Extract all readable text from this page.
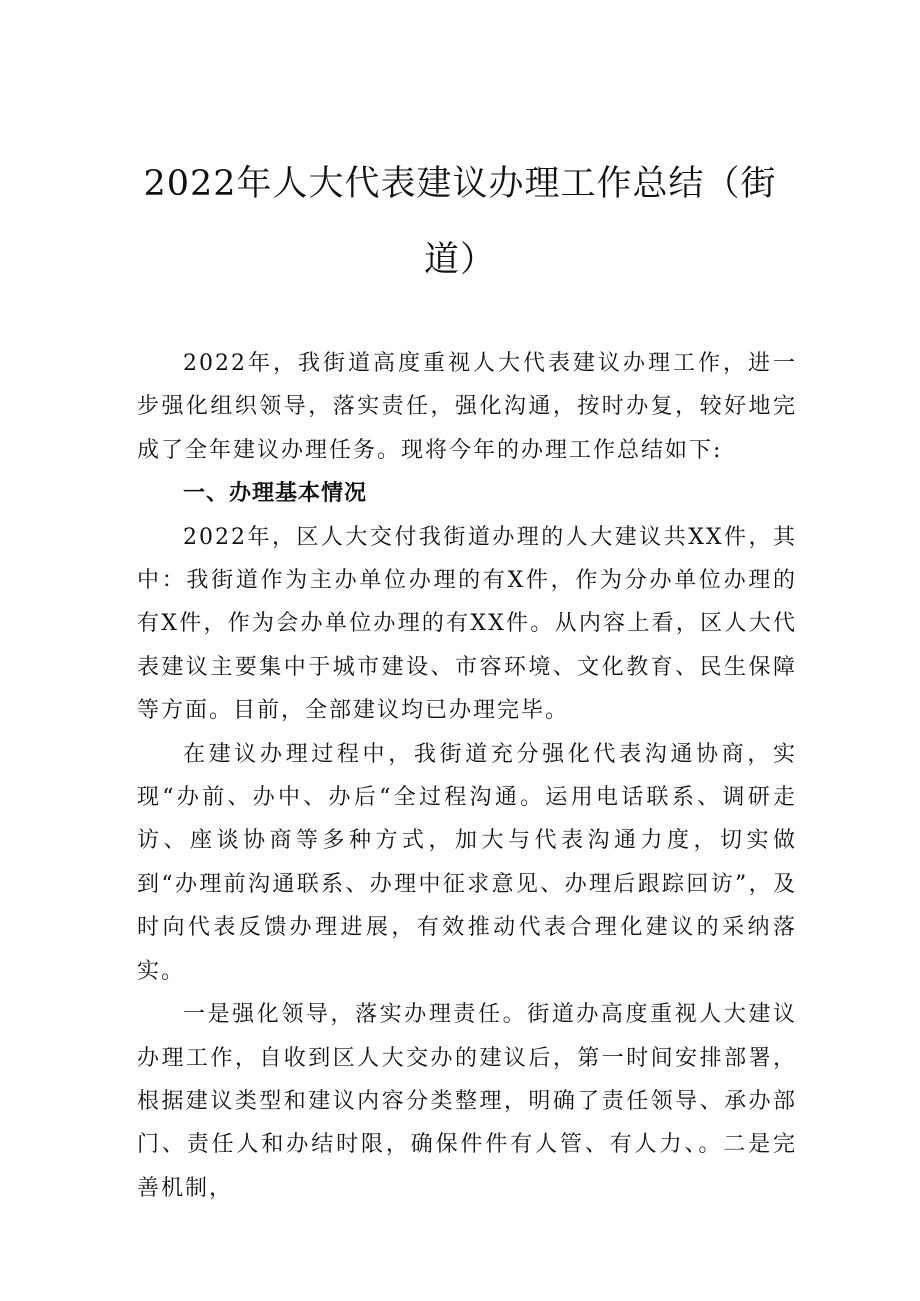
2022年人大代表建议办理工作总结（街
道）

2022年，我街道高度重视人大代表建议办理工作，进一步强化组织领导，落实责任，强化沟通，按时办复，较好地完成了全年建议办理任务。现将今年的办理工作总结如下:

一、办理基本情况

2022年，区人大交付我街道办理的人大建议共XX件，其中：我街道作为主办单位办理的有X件，作为分办单位办理的有X件，作为会办单位办理的有XX件。从内容上看，区人大代表建议主要集中于城市建设、市容环境、文化教育、民生保障等方面。目前，全部建议均已办理完毕。

在建议办理过程中，我街道充分强化代表沟通协商，实现“办前、办中、办后“全过程沟通。运用电话联系、调研走访、座谈协商等多种方式，加大与代表沟通力度，切实做到“办理前沟通联系、办理中征求意见、办理后跟踪回访”，及时向代表反馈办理进展，有效推动代表合理化建议的采纳落实。

一是强化领导，落实办理责任。街道办高度重视人大建议办理工作，自收到区人大交办的建议后，第一时间安排部署，根据建议类型和建议内容分类整理，明确了责任领导、承办部门、责任人和办结时限，确保件件有人管、有人力、。二是完善机制，
